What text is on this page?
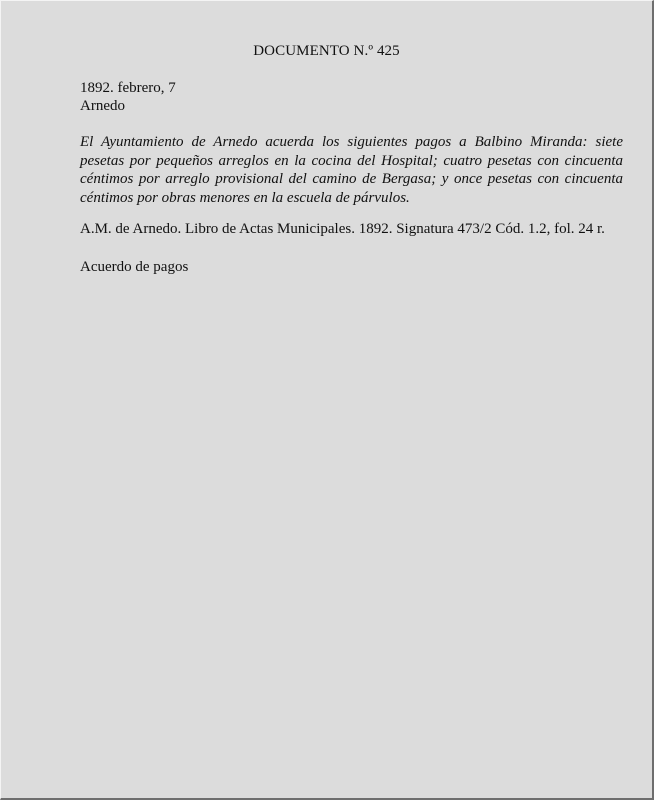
DOCUMENTO N.º 425
1892. febrero, 7
Arnedo

El Ayuntamiento de Arnedo acuerda los siguientes pagos a Balbino Miranda: siete pesetas por pequeños arreglos en la cocina del Hospital; cuatro pesetas con cincuenta céntimos por arreglo provisional del camino de Bergasa; y once pesetas con cincuenta céntimos por obras menores en la escuela de párvulos.

A.M. de Arnedo. Libro de Actas Municipales. 1892. Signatura 473/2 Cód. 1.2, fol. 24 r.
Acuerdo de pagos
